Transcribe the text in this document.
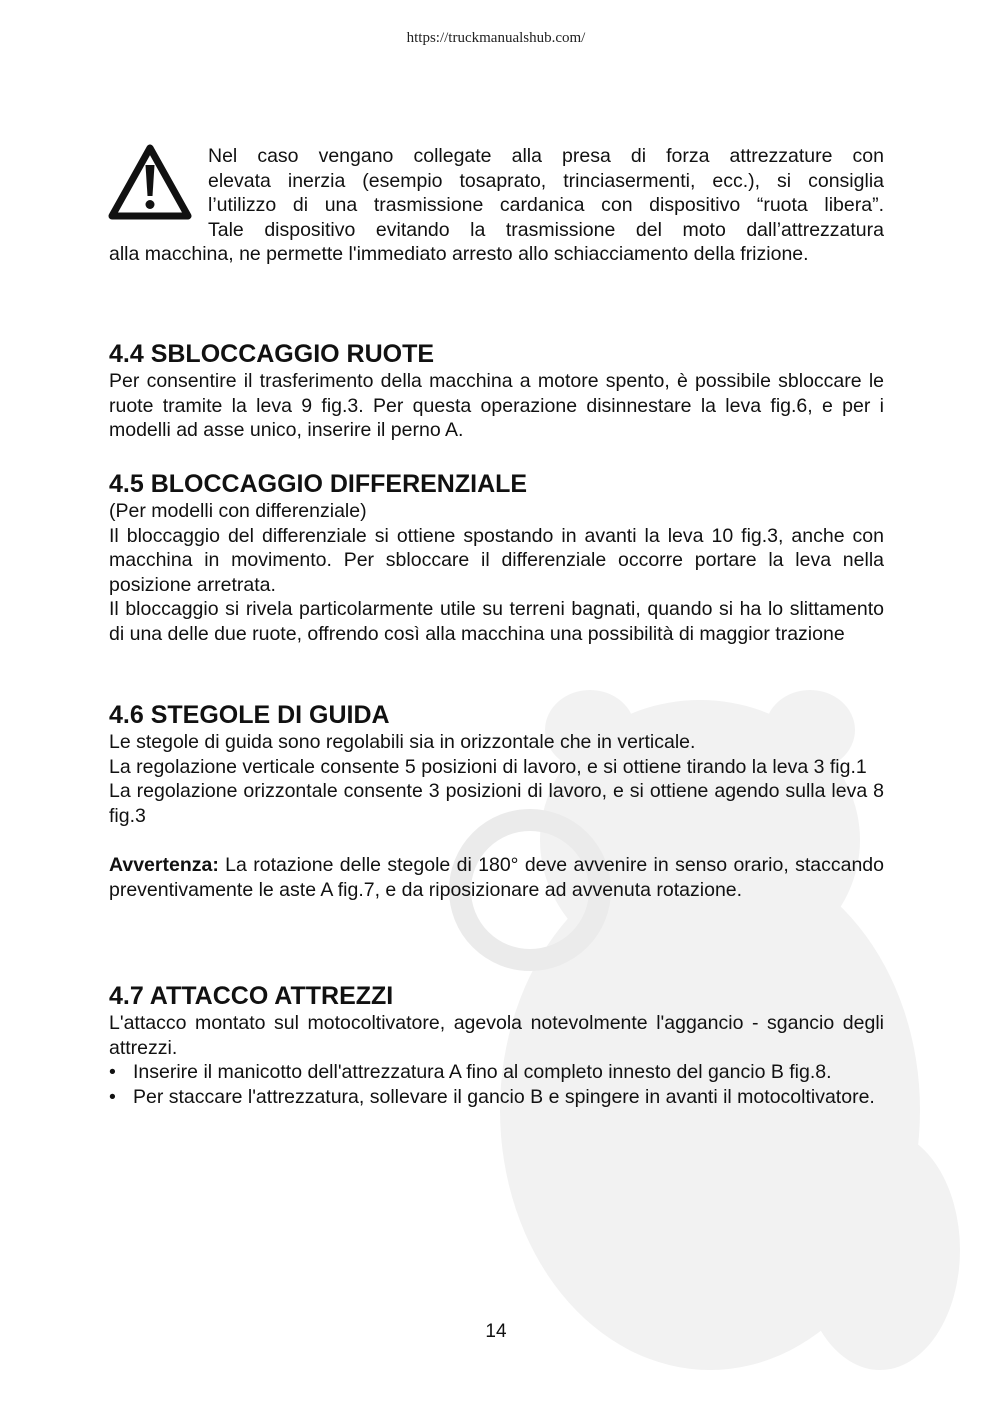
https://truckmanualshub.com/
Nel caso vengano collegate alla presa di forza attrezzature con
elevata inerzia (esempio tosaprato, trinciasermenti, ecc.), si consiglia
l’utilizzo di una trasmissione cardanica con dispositivo “ruota libera”.
Tale dispositivo evitando la trasmissione del moto dall’attrezzatura
alla macchina, ne permette l'immediato arresto allo schiacciamento della frizione.
4.4 SBLOCCAGGIO RUOTE

Per consentire il trasferimento della macchina a motore spento, è possibile sbloccare le ruote tramite la leva 9 fig.3. Per questa operazione disinnestare la leva fig.6, e per i modelli ad asse unico, inserire il perno A.

4.5 BLOCCAGGIO DIFFERENZIALE

(Per modelli con differenziale)

Il bloccaggio del differenziale si ottiene spostando in avanti la leva 10 fig.3, anche con macchina in movimento. Per sbloccare il differenziale occorre portare la leva nella posizione arretrata.

Il bloccaggio si rivela particolarmente utile su terreni bagnati, quando si ha lo slittamento di una delle due ruote, offrendo così alla macchina una possibilità di maggior trazione

4.6 STEGOLE DI GUIDA

Le stegole di guida sono regolabili sia in orizzontale che in verticale.

La regolazione verticale consente 5 posizioni di lavoro, e si ottiene tirando la leva 3 fig.1

La regolazione orizzontale consente 3 posizioni di lavoro, e si ottiene agendo sulla leva 8 fig.3

Avvertenza: La rotazione delle stegole di 180° deve avvenire in senso orario, staccando preventivamente le aste A fig.7, e da riposizionare ad avvenuta rotazione.

4.7 ATTACCO ATTREZZI

L'attacco montato sul motocoltivatore, agevola notevolmente l'aggancio - sgancio degli attrezzi.

• Inserire il manicotto dell'attrezzatura A fino al completo innesto del gancio B fig.8.
• Per staccare l'attrezzatura, sollevare il gancio B e spingere in avanti il motocoltivatore.
14
